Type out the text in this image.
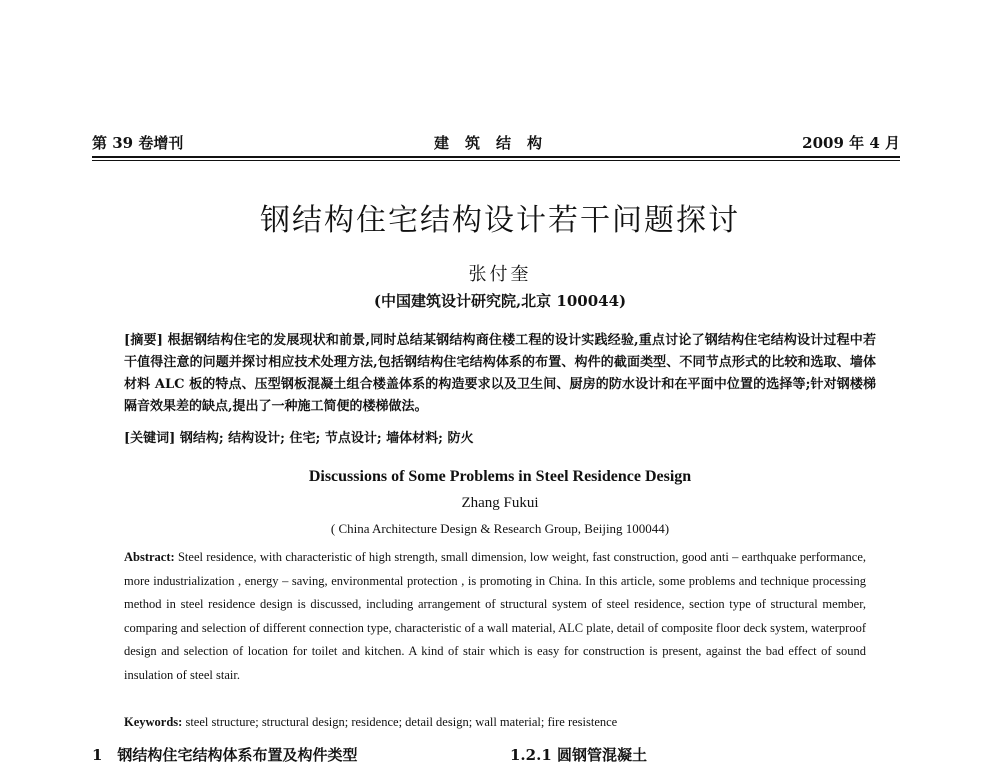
第 39 卷增刊	建筑结构	2009 年 4 月
钢结构住宅结构设计若干问题探讨
张付奎
(中国建筑设计研究院,北京 100044)
[摘要] 根据钢结构住宅的发展现状和前景,同时总结某钢结构商住楼工程的设计实践经验,重点讨论了钢结构住宅结构设计过程中若干值得注意的问题并探讨相应技术处理方法,包括钢结构住宅结构体系的布置、构件的截面类型、不同节点形式的比较和选取、墙体材料 ALC 板的特点、压型钢板混凝土组合楼盖体系的构造要求以及卫生间、厨房的防水设计和在平面中位置的选择等;针对钢楼梯隔音效果差的缺点,提出了一种施工简便的楼梯做法。
[关键词] 钢结构; 结构设计; 住宅; 节点设计; 墙体材料; 防火
Discussions of Some Problems in Steel Residence Design
Zhang Fukui
( China Architecture Design & Research Group, Beijing 100044)
Abstract: Steel residence, with characteristic of high strength, small dimension, low weight, fast construction, good anti – earthquake performance, more industrialization , energy – saving, environmental protection , is promoting in China. In this article, some problems and technique processing method in steel residence design is discussed, including arrangement of structural system of steel residence, section type of structural member, comparing and selection of different connection type, characteristic of a wall material, ALC plate, detail of composite floor deck system, waterproof design and selection of location for toilet and kitchen. A kind of stair which is easy for construction is present, against the bad effect of sound insulation of steel stair.
Keywords: steel structure; structural design; residence; detail design; wall material; fire resistence
1　钢结构住宅结构体系布置及构件类型	1.2.1 圆钢管混凝土
